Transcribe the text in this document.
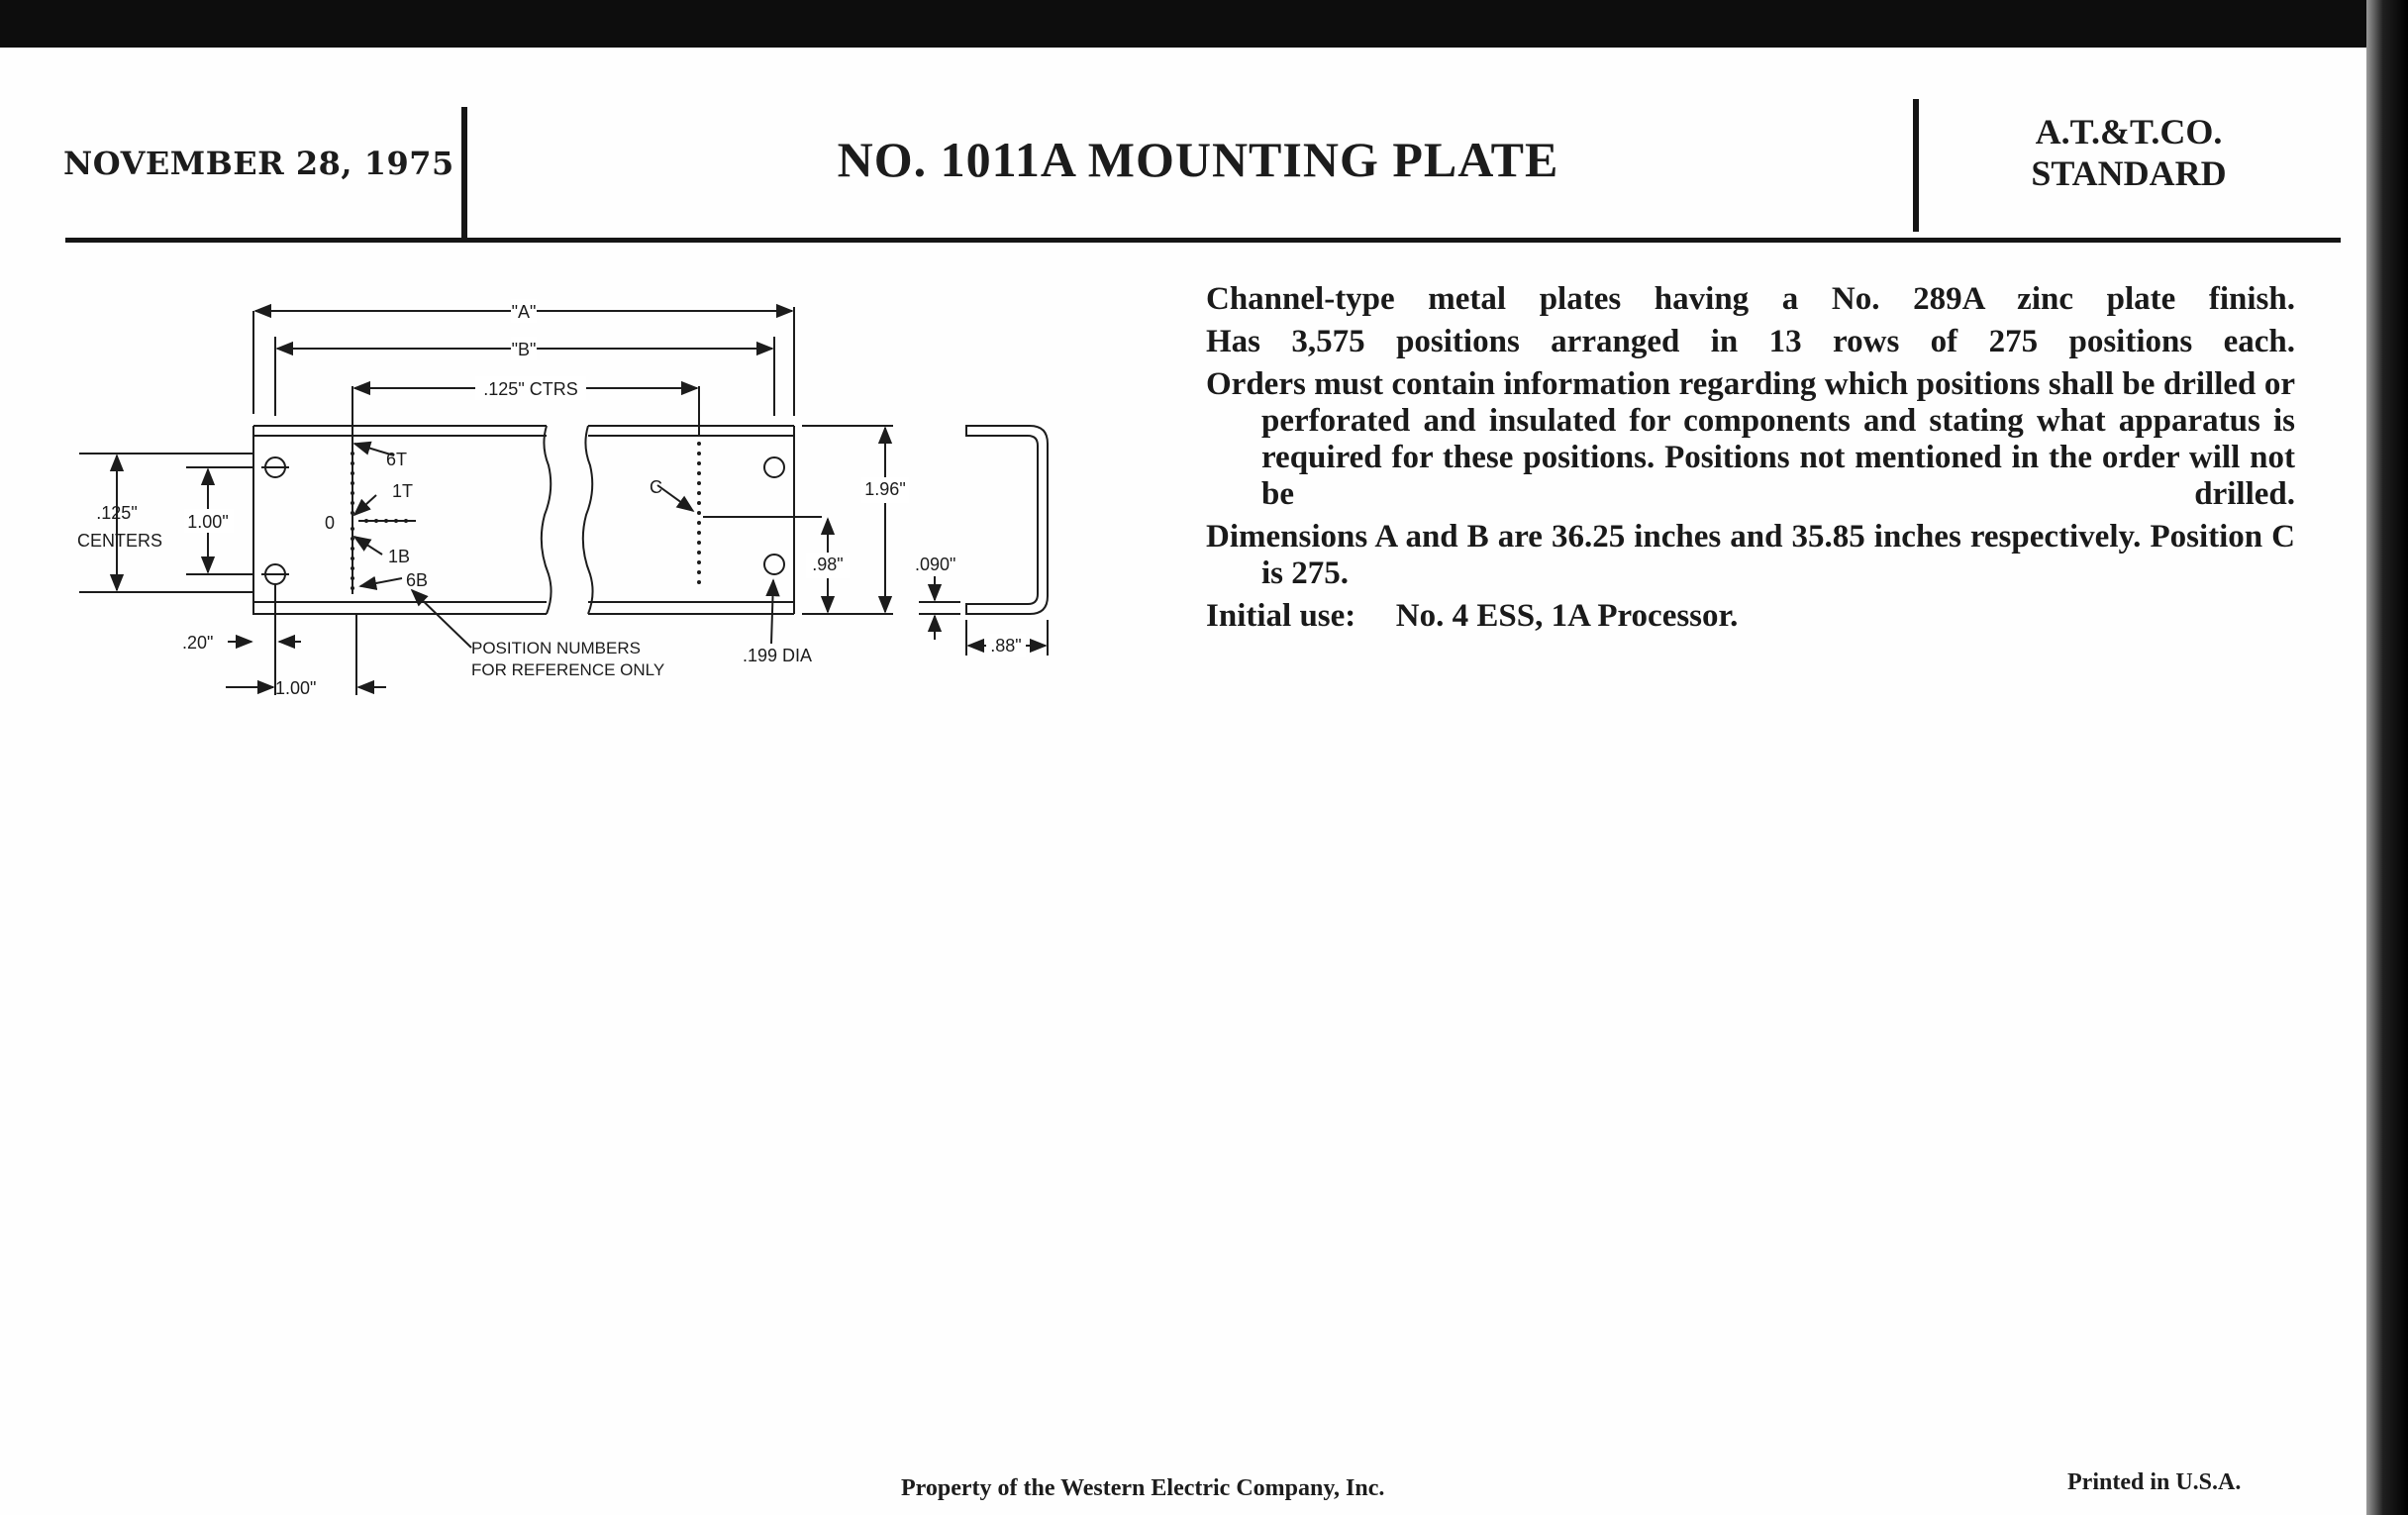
NOVEMBER 28, 1975	NO. 1011A MOUNTING PLATE	A.T.&T.CO.
STANDARD
"A"
"B"
.125" CTRS
.125"
CENTERS
1.00"
6T
1T
0
1B
6B
C
POSITION NUMBERS
FOR REFERENCE ONLY
.199 DIA
1.96"
.98"	.090"
.88"
.20"
1.00"
Channel-type metal plates having a No. 289A zinc plate finish.
Has 3,575 positions arranged in 13 rows of 275 positions each.
Orders must contain information regarding which positions shall be drilled or perforated and insulated for components and stating what apparatus is required for these positions. Positions not mentioned in the order will not be drilled.
Dimensions A and B are 36.25 inches and 35.85 inches respectively. Position C is 275.
Initial use: No. 4 ESS, 1A Processor.
Property of the Western Electric Company, Inc.	Printed in U.S.A.
